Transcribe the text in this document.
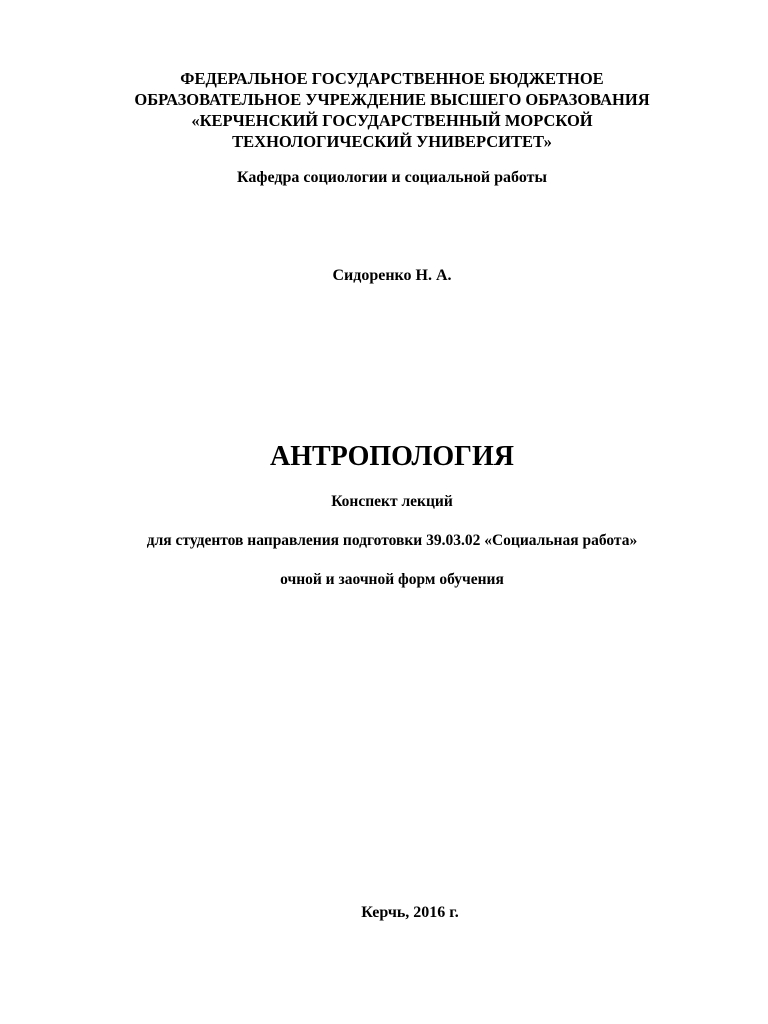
ФЕДЕРАЛЬНОЕ ГОСУДАРСТВЕННОЕ БЮДЖЕТНОЕ
ОБРАЗОВАТЕЛЬНОЕ УЧРЕЖДЕНИЕ ВЫСШЕГО ОБРАЗОВАНИЯ
«КЕРЧЕНСКИЙ ГОСУДАРСТВЕННЫЙ МОРСКОЙ
ТЕХНОЛОГИЧЕСКИЙ УНИВЕРСИТЕТ»
Кафедра социологии и социальной работы
Сидоренко Н. А.
АНТРОПОЛОГИЯ
Конспект лекций
для студентов направления подготовки 39.03.02 «Социальная работа»
очной и заочной форм обучения
Керчь, 2016 г.
